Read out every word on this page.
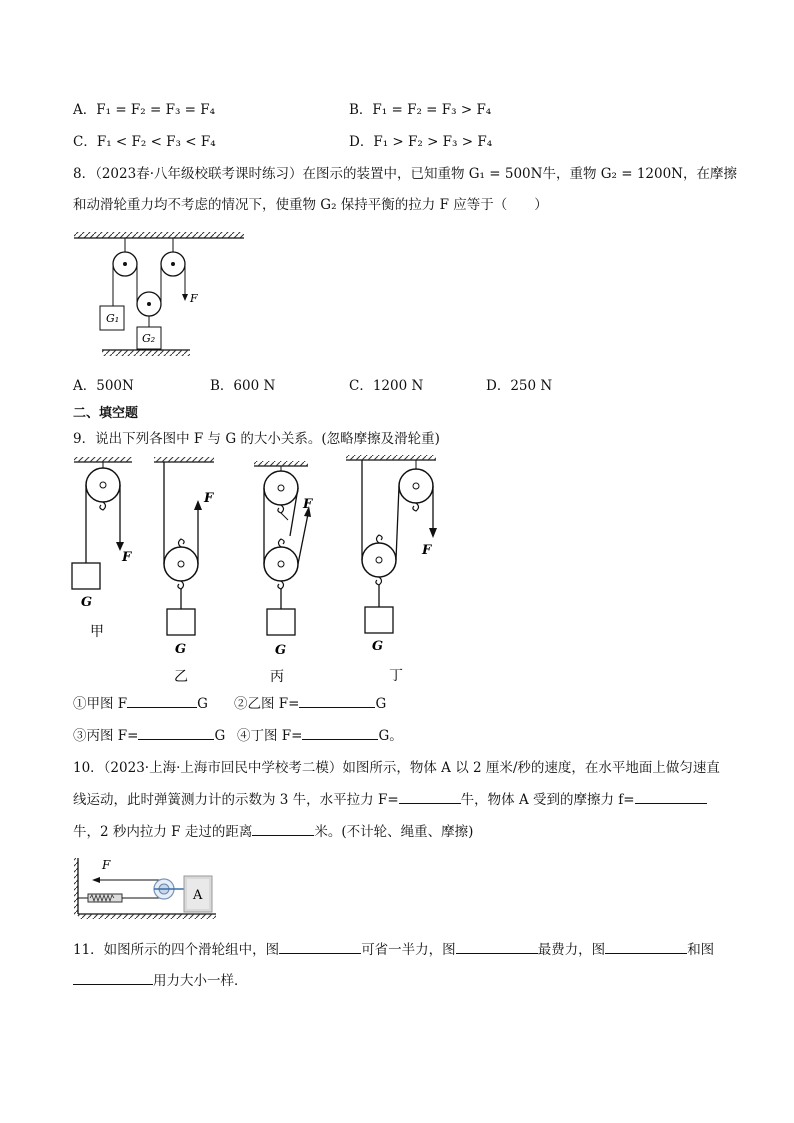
A．F₁ = F₂ = F₃ = F₄	B．F₁ = F₂ = F₃ > F₄
C．F₁ < F₂ < F₃ < F₄	D．F₁ > F₂ > F₃ > F₄
8．（2023春·八年级校联考课时练习）在图示的装置中，已知重物 G₁ = 500N牛，重物 G₂ = 1200N，在摩擦
和动滑轮重力均不考虑的情况下，使重物 G₂ 保持平衡的拉力 F 应等于（　　）
F
G₁
G₂
A．500N	B．600 N	C．1200 N	D．250 N
二、填空题
9．说出下列各图中 F 与 G 的大小关系。(忽略摩擦及滑轮重)
F
G
甲
F
G
乙
F
G
丙
F
G
丁
①甲图 F	G ②乙图 F=	G
③丙图 F=	G ④丁图 F=	G。
10．（2023·上海·上海市回民中学校考二模）如图所示，物体 A 以 2 厘米/秒的速度，在水平地面上做匀速直
线运动，此时弹簧测力计的示数为 3 牛，水平拉力 F=	牛，物体 A 受到的摩擦力 f=
牛，2 秒内拉力 F 走过的距离	米。(不计轮、绳重、摩擦)
F
A
11．如图所示的四个滑轮组中，图	可省一半力，图	最费力，图	和图
用力大小一样．
